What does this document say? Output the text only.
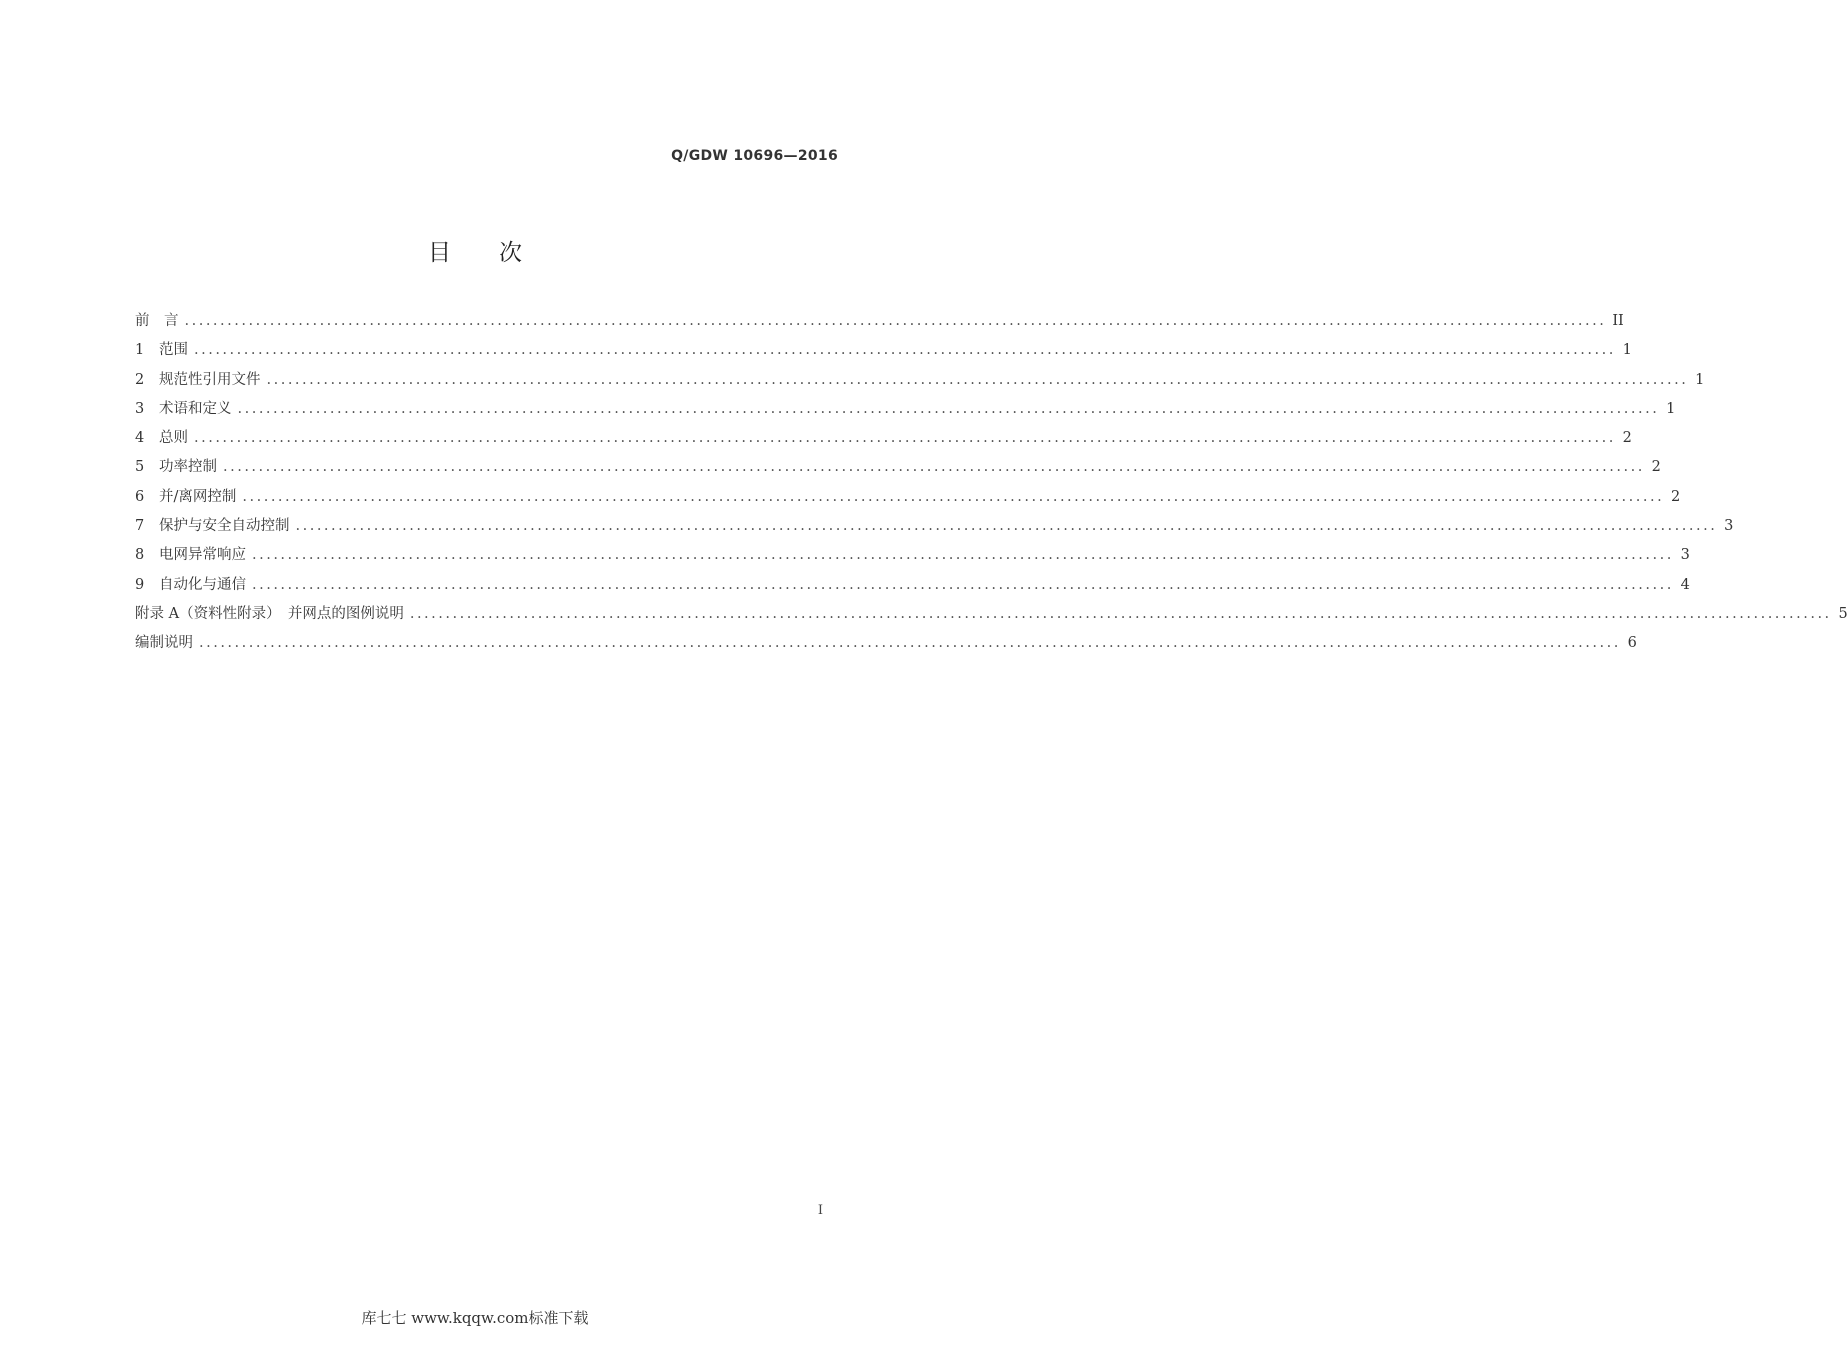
Q/GDW 10696—2016
目 次
前　言 ........................................................................................................................................................................................................ II
1	范围 ........................................................................................................................................................................................................ 1
2	规范性引用文件 ........................................................................................................................................................................................................ 1
3	术语和定义 ........................................................................................................................................................................................................ 1
4	总则 ........................................................................................................................................................................................................ 2
5	功率控制 ........................................................................................................................................................................................................ 2
6	并/离网控制 ........................................................................................................................................................................................................ 2
7	保护与安全自动控制 ........................................................................................................................................................................................................ 3
8	电网异常响应 ........................................................................................................................................................................................................ 3
9	自动化与通信 ........................................................................................................................................................................................................ 4
附录 A（资料性附录）　并网点的图例说明 ........................................................................................................................................................................................................ 5
编制说明 ........................................................................................................................................................................................................ 6
I
库七七 www.kqqw.com标准下载
